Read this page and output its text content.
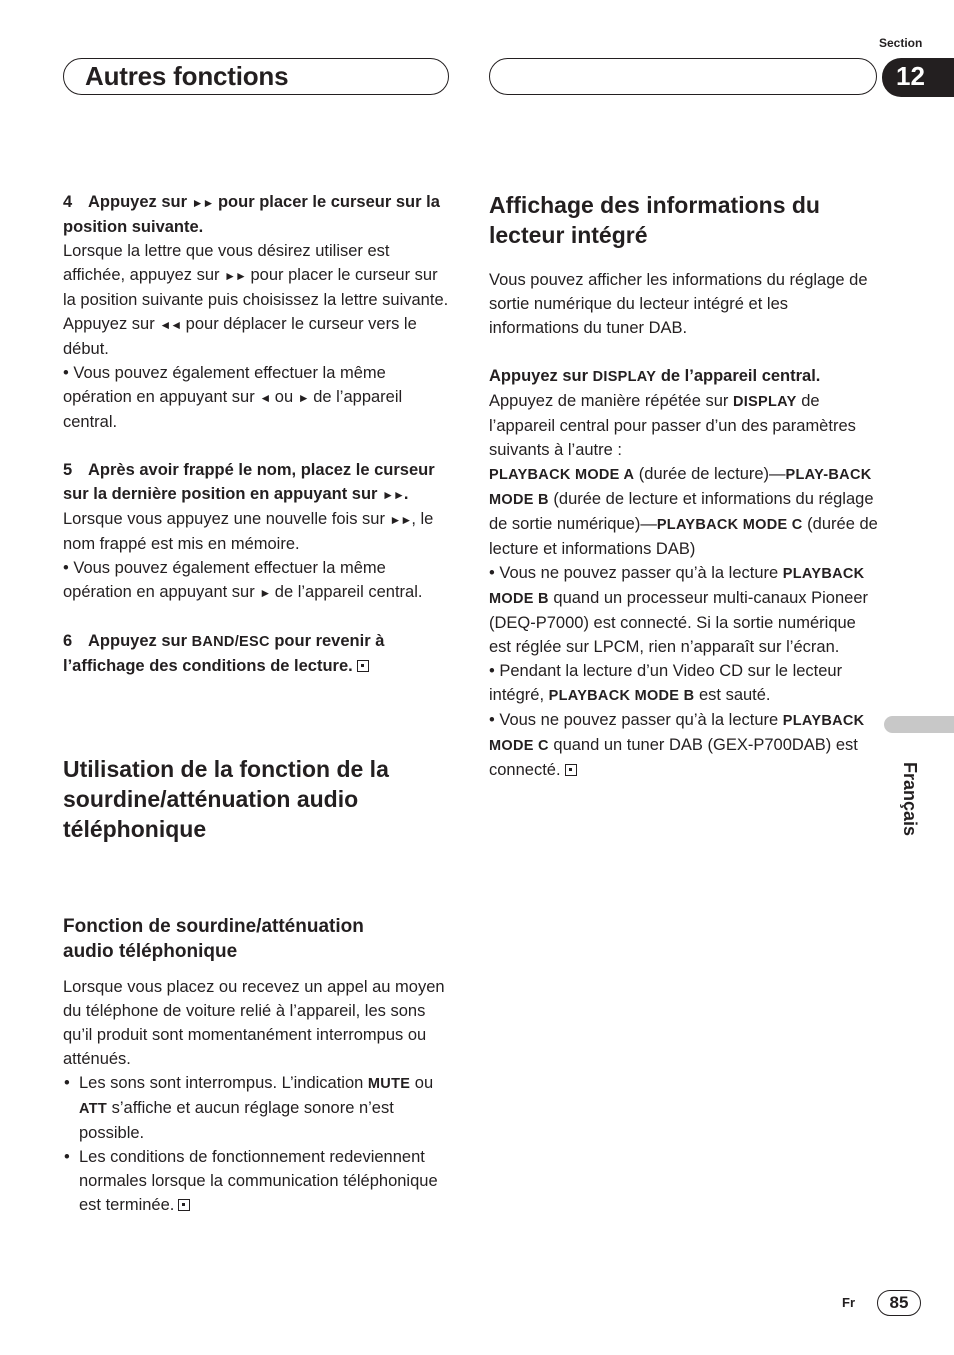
Autres fonctions
Section
12

4 Appuyez sur ►► pour placer le curseur sur la position suivante.

Lorsque la lettre que vous désirez utiliser est affichée, appuyez sur ►► pour placer le curseur sur la position suivante puis choisissez la lettre suivante. Appuyez sur ◄◄ pour déplacer le curseur vers le début.

• Vous pouvez également effectuer la même opération en appuyant sur ◄ ou ► de l’appareil central.

5 Après avoir frappé le nom, placez le curseur sur la dernière position en appuyant sur ►►.

Lorsque vous appuyez une nouvelle fois sur ►►, le nom frappé est mis en mémoire.

• Vous pouvez également effectuer la même opération en appuyant sur ► de l’appareil central.

6 Appuyez sur BAND/ESC pour revenir à l’affichage des conditions de lecture.

Utilisation de la fonction de la sourdine/atténuation audio téléphonique

Fonction de sourdine/atténuation audio téléphonique

Lorsque vous placez ou recevez un appel au moyen du téléphone de voiture relié à l’appareil, les sons qu’il produit sont momentanément interrompus ou atténués.

• Les sons sont interrompus. L’indication MUTE ou ATT s’affiche et aucun réglage sonore n’est possible.
• Les conditions de fonctionnement redeviennent normales lorsque la communication téléphonique est terminée.

Affichage des informations du lecteur intégré

Vous pouvez afficher les informations du réglage de sortie numérique du lecteur intégré et les informations du tuner DAB.

Appuyez sur DISPLAY de l’appareil central.

Appuyez de manière répétée sur DISPLAY de l’appareil central pour passer d’un des paramètres suivants à l’autre :

PLAYBACK MODE A (durée de lecture)—PLAY-BACK MODE B (durée de lecture et informations du réglage de sortie numérique)—PLAYBACK MODE C (durée de lecture et informations DAB)

• Vous ne pouvez passer qu’à la lecture PLAYBACK MODE B quand un processeur multi-canaux Pioneer (DEQ-P7000) est connecté. Si la sortie numérique est réglée sur LPCM, rien n’apparaît sur l’écran.

• Pendant la lecture d’un Video CD sur le lecteur intégré, PLAYBACK MODE B est sauté.

• Vous ne pouvez passer qu’à la lecture PLAYBACK MODE C quand un tuner DAB (GEX-P700DAB) est connecté.	Français
Fr	85
